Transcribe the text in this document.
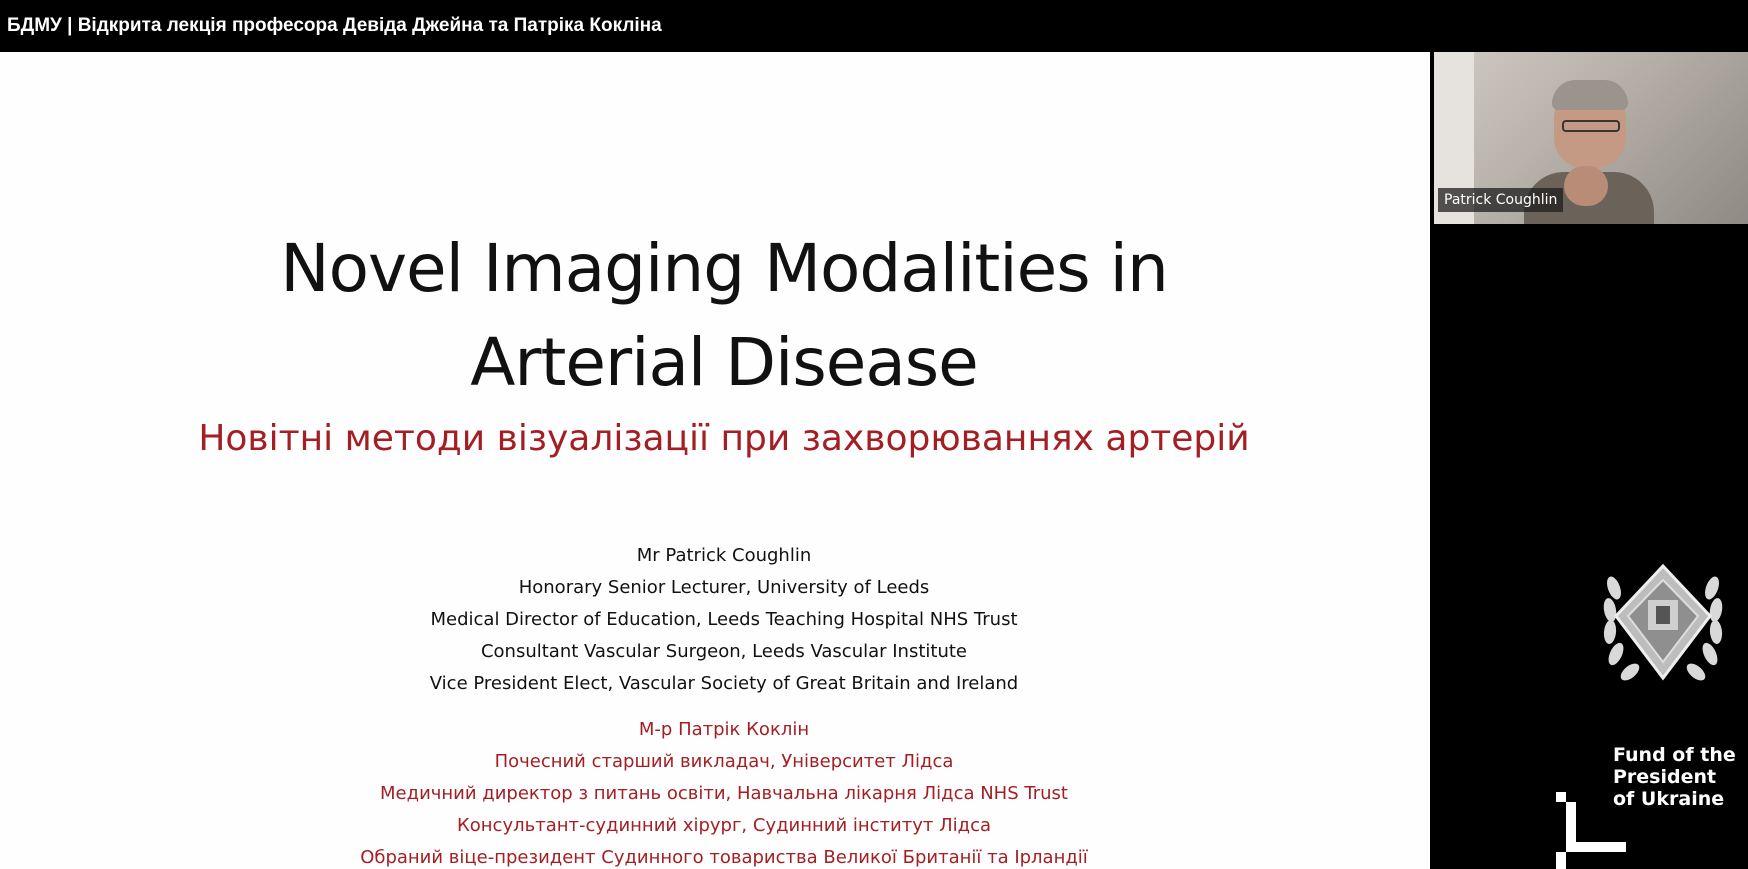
БДМУ | Відкрита лекція професора Девіда Джейна та Патріка Кокліна
Novel Imaging Modalities in
Arterial Disease
Новітні методи візуалізації при захворюваннях артерій
Mr Patrick Coughlin
Honorary Senior Lecturer, University of Leeds
Medical Director of Education, Leeds Teaching Hospital NHS Trust
Consultant Vascular Surgeon, Leeds Vascular Institute
Vice President Elect, Vascular Society of Great Britain and Ireland
М-р Патрік Коклін
Почесний старший викладач, Університет Лідса
Медичний директор з питань освіти, Навчальна лікарня Лідса NHS Trust
Консультант-судинний хірург, Судинний інститут Лідса
Обраний віце-президент Судинного товариства Великої Британії та Ірландії
Patrick Coughlin
Fund of the
President
of Ukraine
